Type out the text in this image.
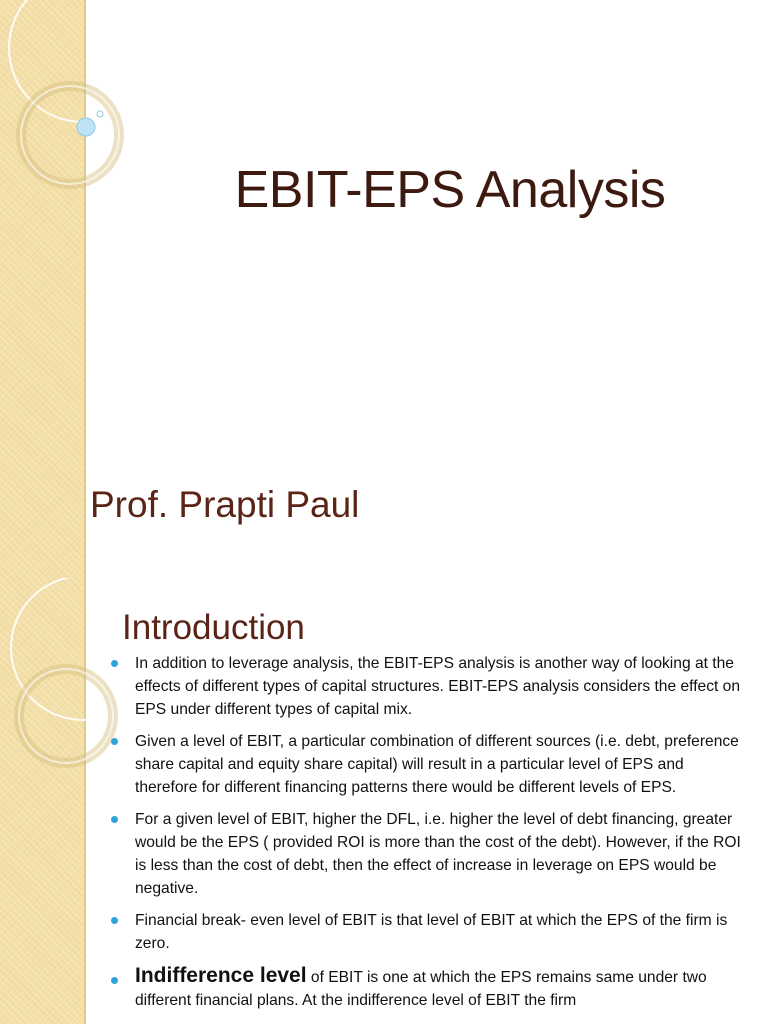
EBIT-EPS Analysis
Prof. Prapti Paul
Introduction
In addition to leverage analysis, the EBIT-EPS analysis is another way of looking at the effects of different types of capital structures. EBIT-EPS analysis considers the effect on EPS under different types of capital mix.
Given a level of EBIT, a particular combination of different sources (i.e. debt, preference share capital and equity share capital) will result in a particular level of EPS and therefore for different financing patterns there would be different levels of EPS.
For a given level of EBIT, higher the DFL, i.e. higher the level of debt financing, greater would be the EPS ( provided ROI is more than the cost of the debt). However, if the ROI is less than the cost of debt, then the effect of increase in leverage on EPS would be negative.
Financial break- even level of EBIT is that level of EBIT at which the EPS of the firm is zero.
Indifference level of EBIT is one at which the EPS remains same under two different financial plans. At the indifference level of EBIT the firm
